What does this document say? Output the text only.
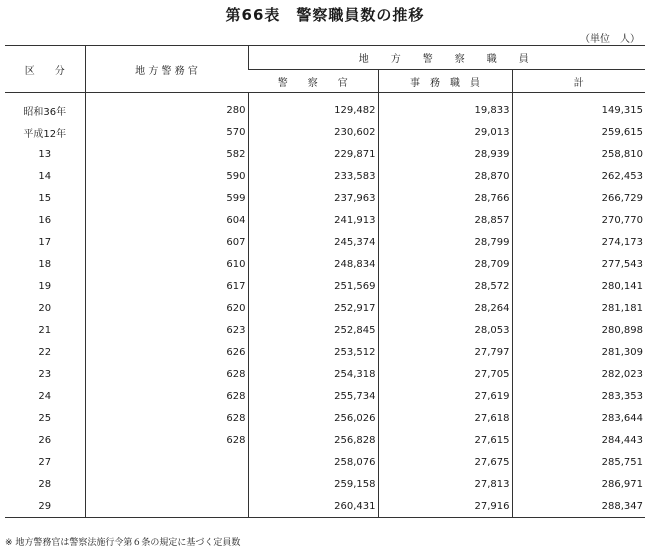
第66表　警察職員数の推移
（単位　人）
区　　分	地 方 警 務 官	地　方　警　察　職　員		
		警　　察　　官	事　務　職　員	計
昭和36年	280	129,482	19,833	149,315
平成12年	570	230,602	29,013	259,615
13	582	229,871	28,939	258,810
14	590	233,583	28,870	262,453
15	599	237,963	28,766	266,729
16	604	241,913	28,857	270,770
17	607	245,374	28,799	274,173
18	610	248,834	28,709	277,543
19	617	251,569	28,572	280,141
20	620	252,917	28,264	281,181
21	623	252,845	28,053	280,898
22	626	253,512	27,797	281,309
23	628	254,318	27,705	282,023
24	628	255,734	27,619	283,353
25	628	256,026	27,618	283,644
26	628	256,828	27,615	284,443
27		258,076	27,675	285,751
28		259,158	27,813	286,971
29		260,431	27,916	288,347
※ 地方警務官は警察法施行令第６条の規定に基づく定員数
